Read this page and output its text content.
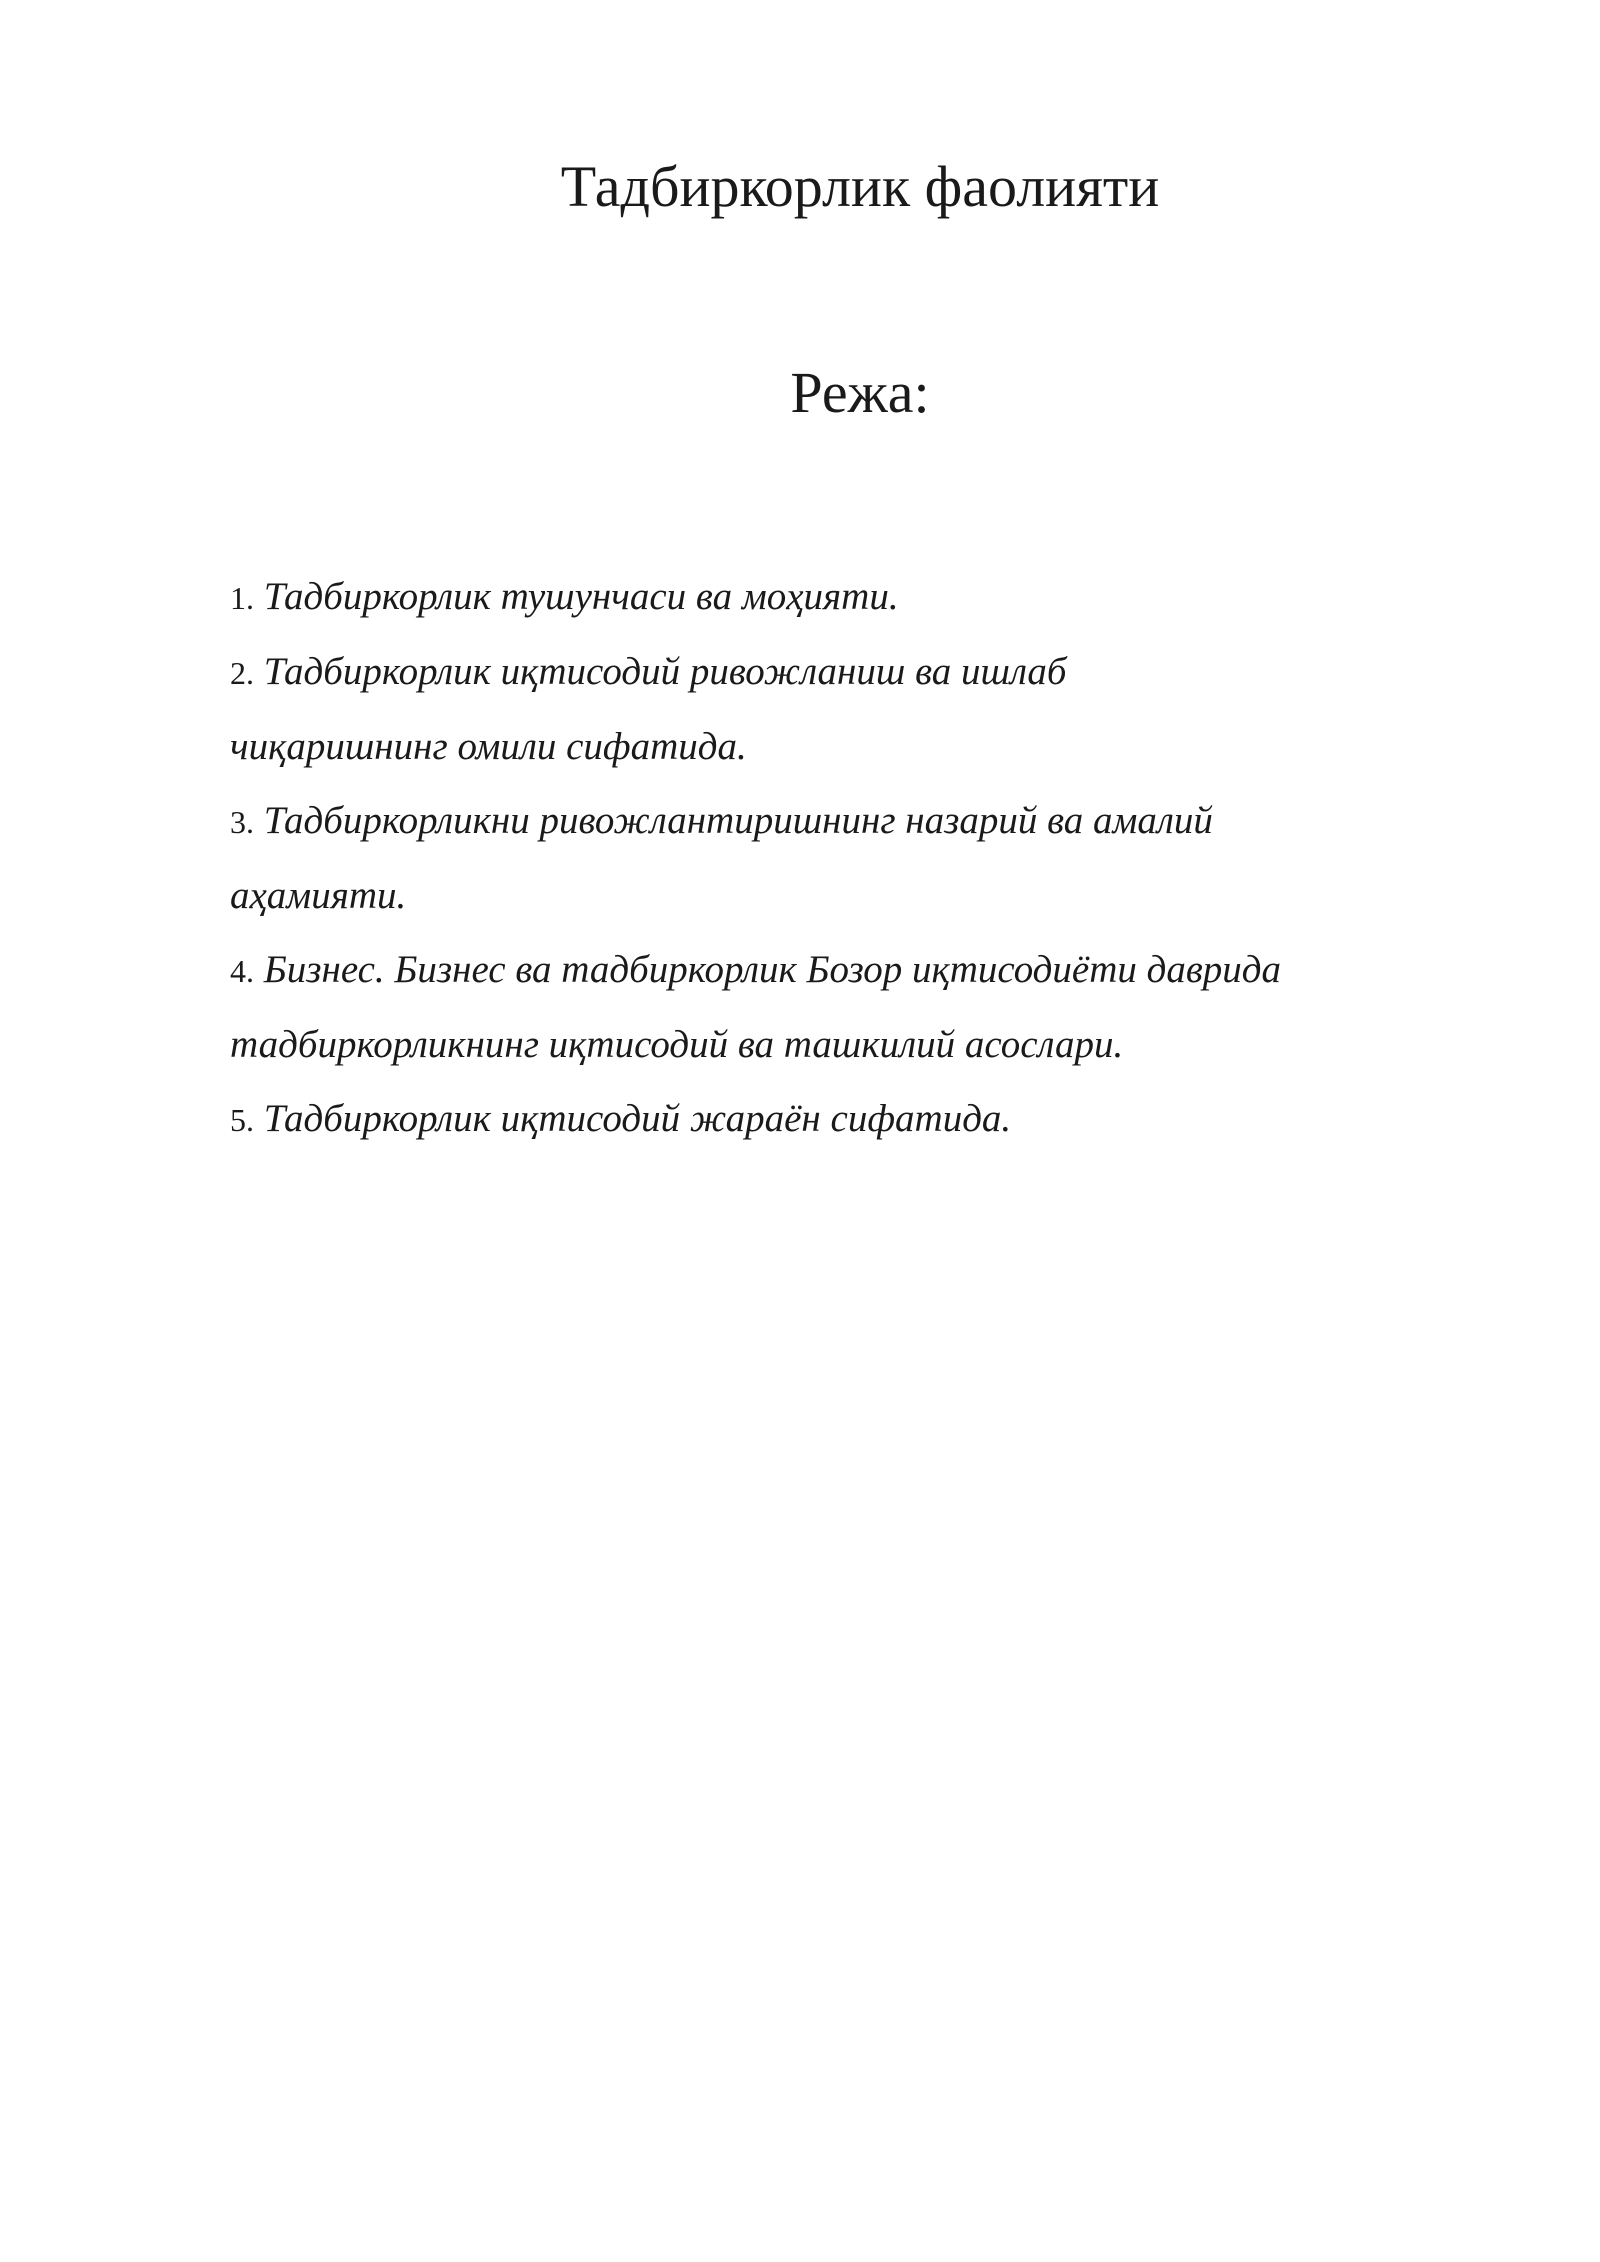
Тадбиркорлик фаолияти
Режа:
1. Тадбиркорлик тушунчаси ва моҳияти.
2. Тадбиркорлик иқтисодий ривожланиш ва ишлаб
чиқаришнинг омили сифатида.
3. Тадбиркорликни ривожлантиришнинг назарий ва амалий
аҳамияти.
4. Бизнес. Бизнес ва тадбиркорлик Бозор иқтисодиёти даврида
тадбиркорликнинг иқтисодий ва ташкилий асослари.
5. Тадбиркорлик иқтисодий жараён сифатида.
